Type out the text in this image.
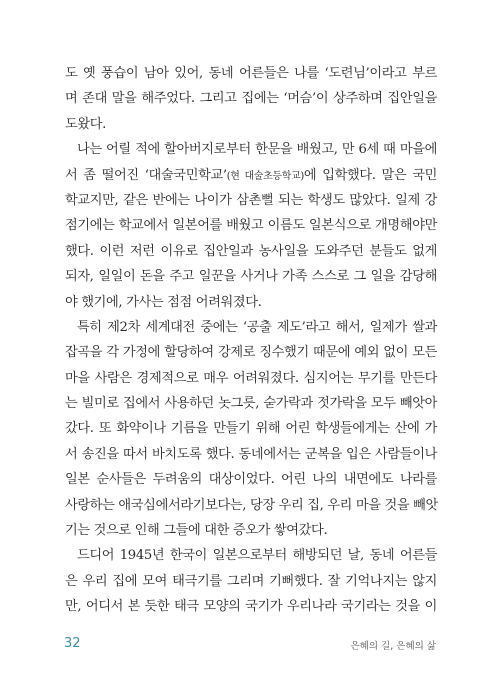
도 옛 풍습이 남아 있어, 동네 어른들은 나를 ‘도련님’이라고 부르
며 존대 말을 해주었다. 그리고 집에는 ‘머슴’이 상주하며 집안일을
도왔다.
나는 어릴 적에 할아버지로부터 한문을 배웠고, 만 6세 때 마을에
서 좀 떨어진 ‘대술국민학교’(현 대술초등학교)에 입학했다. 말은 국민
학교지만, 같은 반에는 나이가 삼촌뻘 되는 학생도 많았다. 일제 강
점기에는 학교에서 일본어를 배웠고 이름도 일본식으로 개명해야만
했다. 이런 저런 이유로 집안일과 농사일을 도와주던 분들도 없게
되자, 일일이 돈을 주고 일꾼을 사거나 가족 스스로 그 일을 감당해
야 했기에, 가사는 점점 어려워졌다.
특히 제2차 세계대전 중에는 ‘공출 제도’라고 해서, 일제가 쌀과
잡곡을 각 가정에 할당하여 강제로 징수했기 때문에 예외 없이 모든
마을 사람은 경제적으로 매우 어려워졌다. 심지어는 무기를 만든다
는 빌미로 집에서 사용하던 놋그릇, 숟가락과 젓가락을 모두 빼앗아
갔다. 또 화약이나 기름을 만들기 위해 어린 학생들에게는 산에 가
서 송진을 따서 바치도록 했다. 동네에서는 군복을 입은 사람들이나
일본 순사들은 두려움의 대상이었다. 어린 나의 내면에도 나라를
사랑하는 애국심에서라기보다는, 당장 우리 집, 우리 마을 것을 빼앗
기는 것으로 인해 그들에 대한 증오가 쌓여갔다.
드디어 1945년 한국이 일본으로부터 해방되던 날, 동네 어른들
은 우리 집에 모여 태극기를 그리며 기뻐했다. 잘 기억나지는 않지
만, 어디서 본 듯한 태극 모양의 국기가 우리나라 국기라는 것을 이
32	은혜의 길, 은혜의 삶
